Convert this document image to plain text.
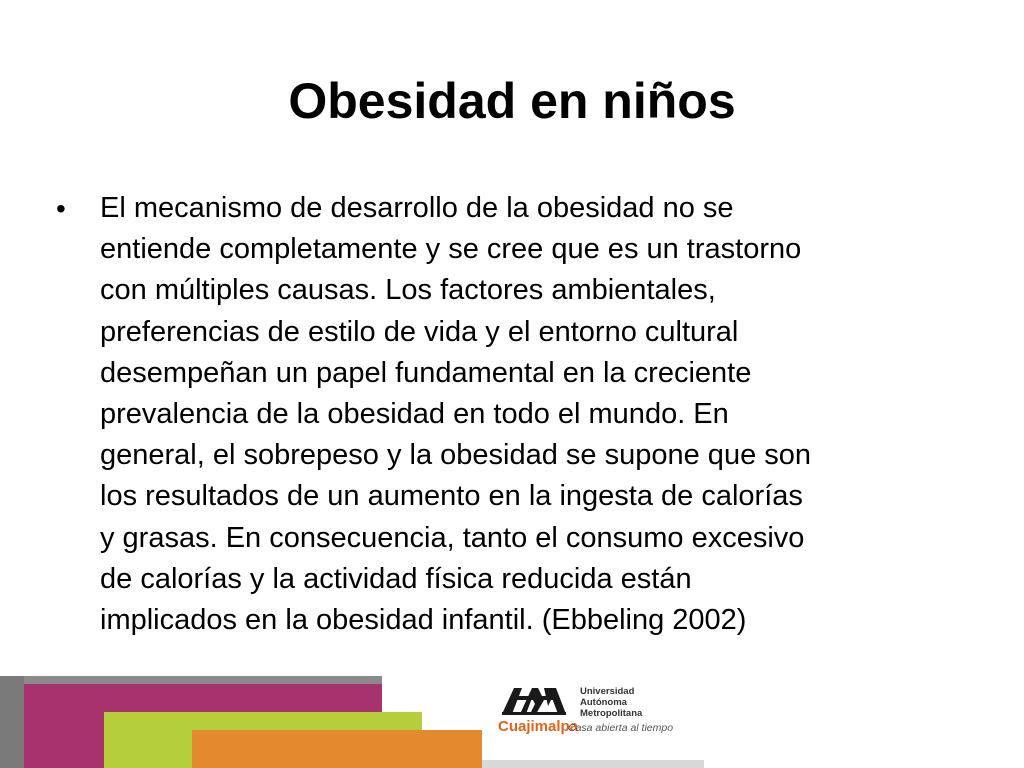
Obesidad en niños
• El mecanismo de desarrollo de la obesidad no se
entiende completamente y se cree que es un trastorno
con múltiples causas. Los factores ambientales,
preferencias de estilo de vida y el entorno cultural
desempeñan un papel fundamental en la creciente
prevalencia de la obesidad en todo el mundo. En
general, el sobrepeso y la obesidad se supone que son
los resultados de un aumento en la ingesta de calorías
y grasas. En consecuencia, tanto el consumo excesivo
de calorías y la actividad física reducida están
implicados en la obesidad infantil. (Ebbeling 2002)

Cuajimalpa
Universidad
Autónoma
Metropolitana
Casa abierta al tiempo
